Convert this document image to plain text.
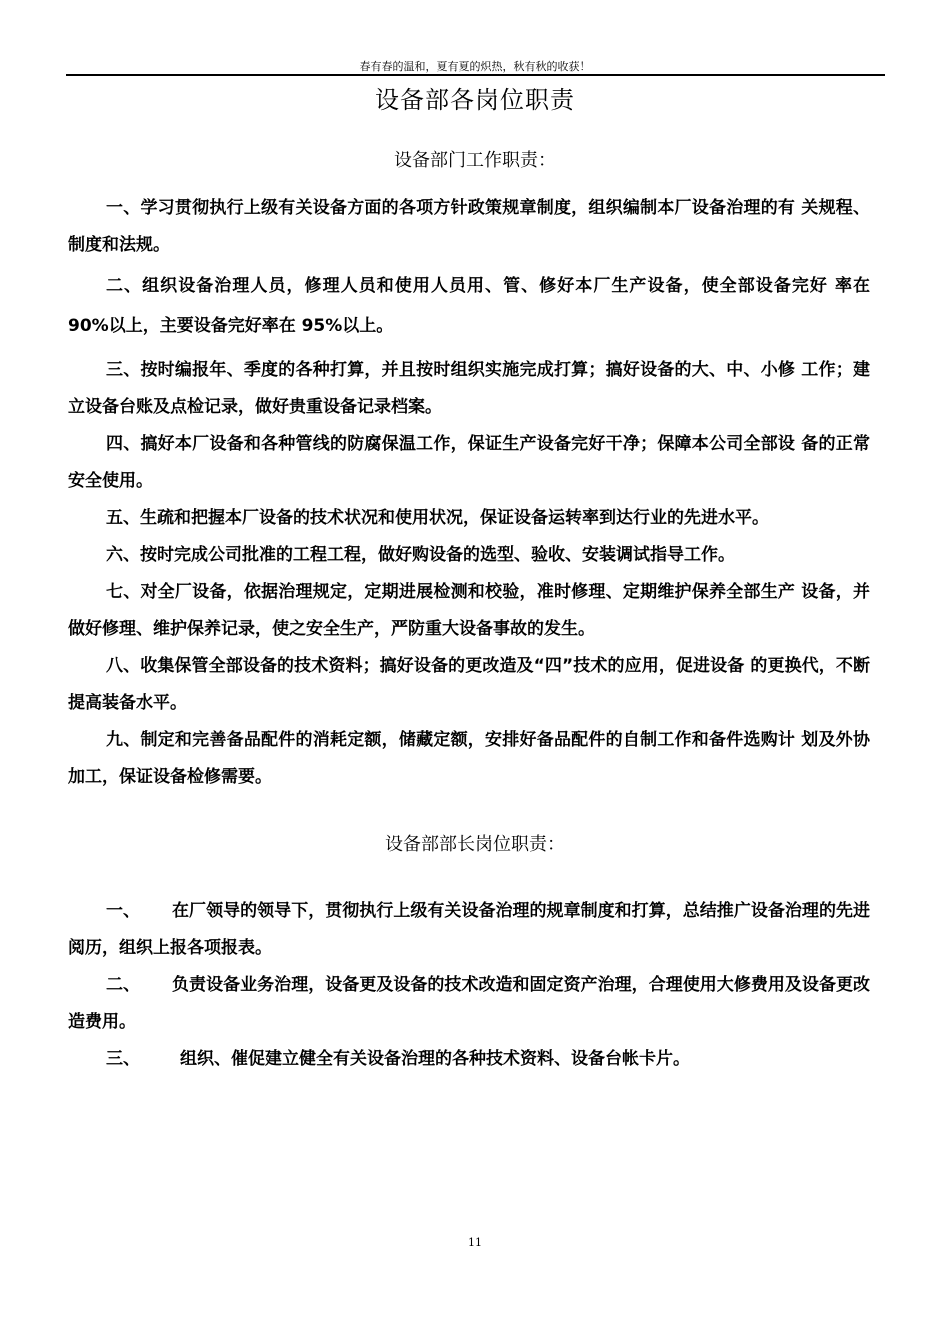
春有春的温和，夏有夏的炽热，秋有秋的收获！
设备部各岗位职责
设备部门工作职责：

一、学习贯彻执行上级有关设备方面的各项方针政策规章制度，组织编制本厂设备治理的有 关规程、制度和法规。

二、组织设备治理人员，修理人员和使用人员用、管、修好本厂生产设备，使全部设备完好 率在 90%以上，主要设备完好率在 95%以上。

三、按时编报年、季度的各种打算，并且按时组织实施完成打算；搞好设备的大、中、小修 工作；建立设备台账及点检记录，做好贵重设备记录档案。

四、搞好本厂设备和各种管线的防腐保温工作，保证生产设备完好干净；保障本公司全部设 备的正常安全使用。

五、生疏和把握本厂设备的技术状况和使用状况，保证设备运转率到达行业的先进水平。

六、按时完成公司批准的工程工程，做好购设备的选型、验收、安装调试指导工作。

七、对全厂设备，依据治理规定，定期进展检测和校验，准时修理、定期维护保养全部生产 设备，并做好修理、维护保养记录，使之安全生产，严防重大设备事故的发生。

八、收集保管全部设备的技术资料；搞好设备的更改造及“四”技术的应用，促进设备 的更换代，不断提高装备水平。

九、制定和完善备品配件的消耗定额，储藏定额，安排好备品配件的自制工作和备件选购计 划及外协加工，保证设备检修需要。

设备部部长岗位职责：

一、 在厂领导的领导下，贯彻执行上级有关设备治理的规章制度和打算，总结推广设备治理的先进阅历，组织上报各项报表。

二、 负责设备业务治理，设备更及设备的技术改造和固定资产治理，合理使用大修费用及设备更改造费用。

三、 组织、催促建立健全有关设备治理的各种技术资料、设备台帐卡片。

11
